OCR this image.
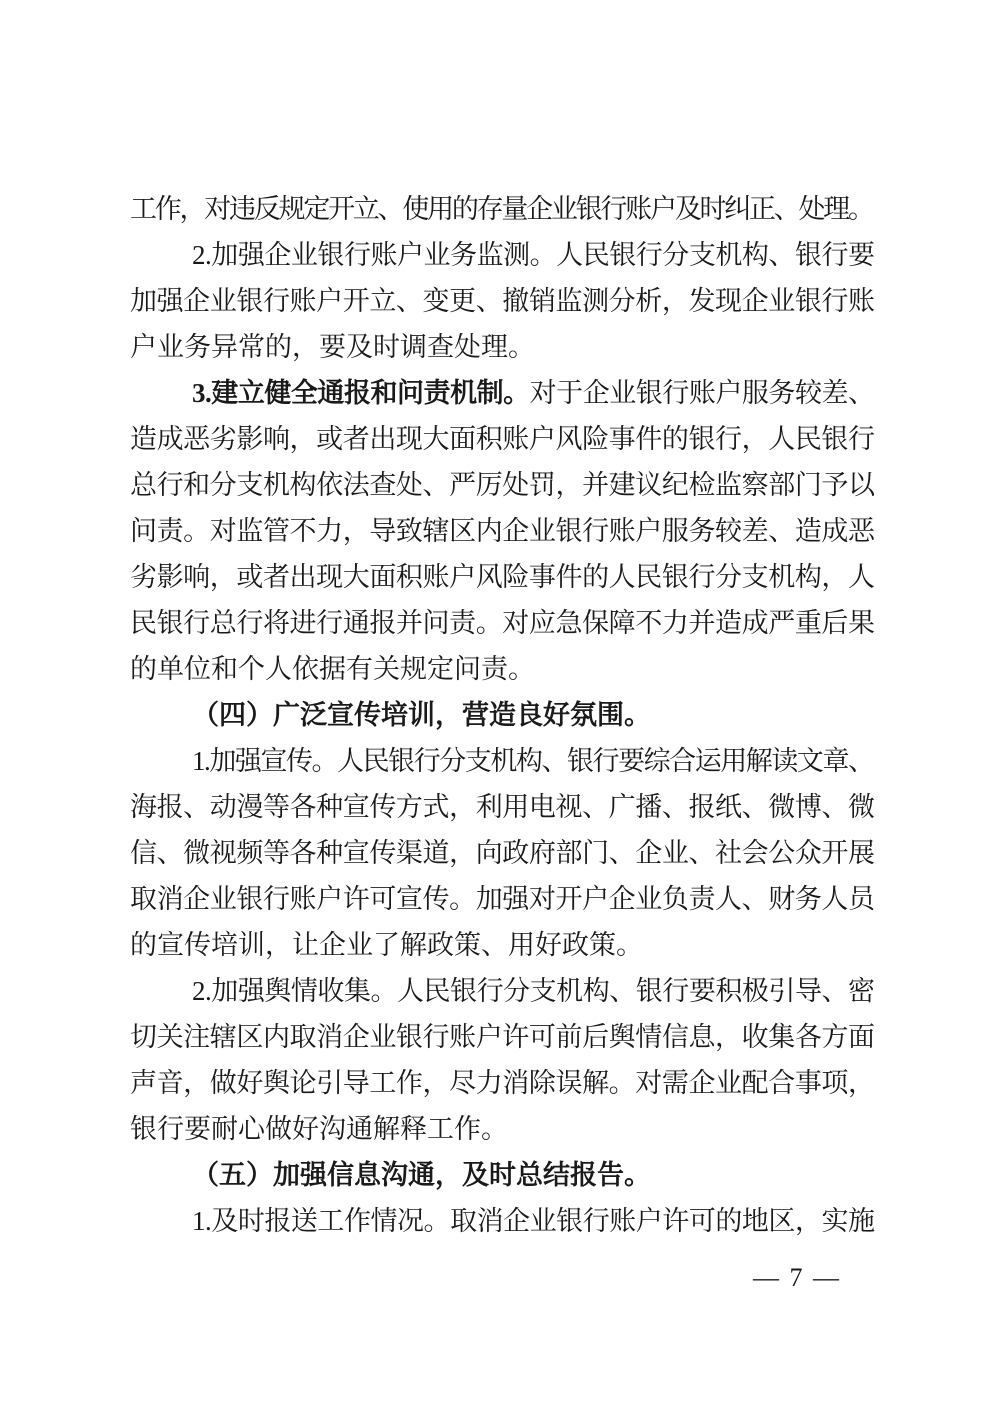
工作，对违反规定开立、使用的存量企业银行账户及时纠正、处理。
2.加强企业银行账户业务监测。人民银行分支机构、银行要
加强企业银行账户开立、变更、撤销监测分析，发现企业银行账
户业务异常的，要及时调查处理。
3.建立健全通报和问责机制。对于企业银行账户服务较差、
造成恶劣影响，或者出现大面积账户风险事件的银行，人民银行
总行和分支机构依法查处、严厉处罚，并建议纪检监察部门予以
问责。对监管不力，导致辖区内企业银行账户服务较差、造成恶
劣影响，或者出现大面积账户风险事件的人民银行分支机构，人
民银行总行将进行通报并问责。对应急保障不力并造成严重后果
的单位和个人依据有关规定问责。
（四）广泛宣传培训，营造良好氛围。
1.加强宣传。人民银行分支机构、银行要综合运用解读文章、
海报、动漫等各种宣传方式，利用电视、广播、报纸、微博、微
信、微视频等各种宣传渠道，向政府部门、企业、社会公众开展
取消企业银行账户许可宣传。加强对开户企业负责人、财务人员
的宣传培训，让企业了解政策、用好政策。
2.加强舆情收集。人民银行分支机构、银行要积极引导、密
切关注辖区内取消企业银行账户许可前后舆情信息，收集各方面
声音，做好舆论引导工作，尽力消除误解。对需企业配合事项，
银行要耐心做好沟通解释工作。
（五）加强信息沟通，及时总结报告。
1.及时报送工作情况。取消企业银行账户许可的地区，实施
— 7 —
